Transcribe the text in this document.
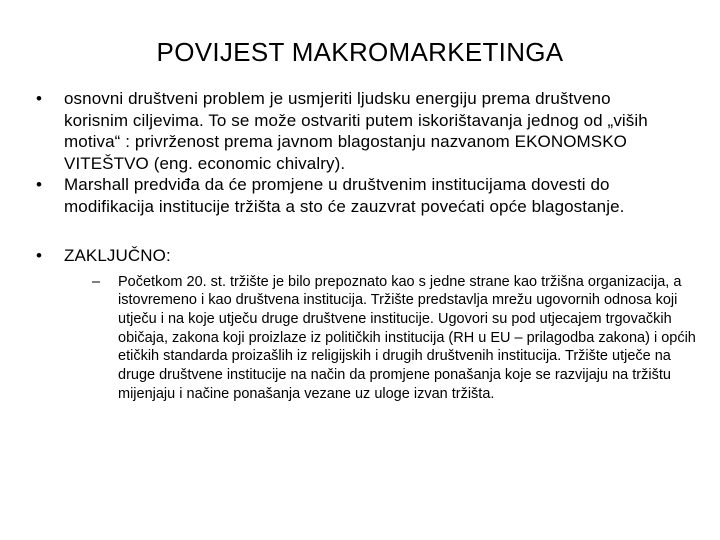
POVIJEST MAKROMARKETINGA
•	osnovni društveni problem je usmjeriti ljudsku energiju prema društveno korisnim ciljevima. To se može ostvariti putem iskorištavanja jednog od „viših motiva“ : privrženost prema javnom blagostanju nazvanom EKONOMSKO VITEŠTVO (eng. economic chivalry).
•	Marshall predviđa da će promjene u društvenim institucijama dovesti do modifikacija institucije tržišta a sto će zauzvrat povećati opće blagostanje.
•	ZAKLJUČNO:
– Početkom 20. st. tržište je bilo prepoznato kao s jedne strane kao tržišna organizacija, a istovremeno i kao društvena institucija. Tržište predstavlja mrežu ugovornih odnosa koji utječu i na koje utječu druge društvene institucije. Ugovori su pod utjecajem trgovačkih običaja, zakona koji proizlaze iz političkih institucija (RH u EU – prilagodba zakona) i općih etičkih standarda proizašlih iz religijskih i drugih društvenih institucija. Tržište utječe na druge društvene institucije na način da promjene ponašanja koje se razvijaju na tržištu mijenjaju i načine ponašanja vezane uz uloge izvan tržišta.
